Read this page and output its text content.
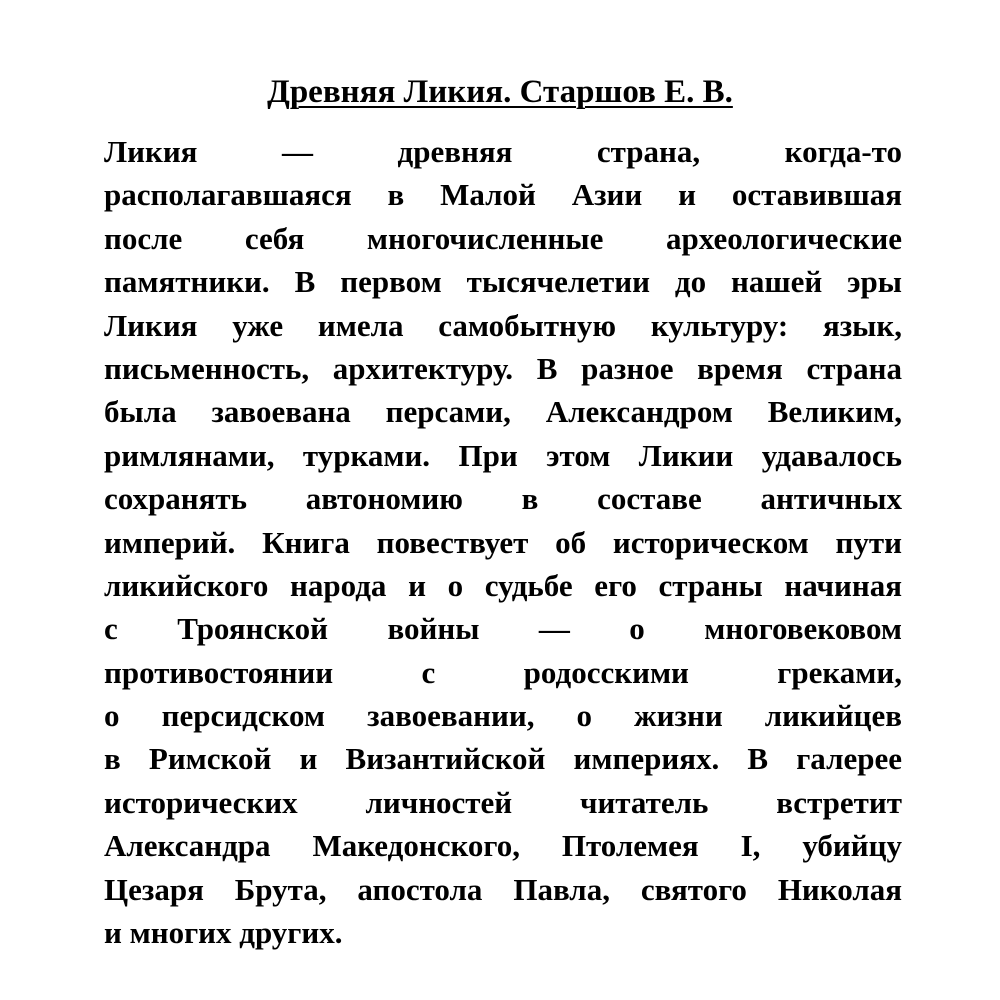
Древняя Ликия. Старшов Е. В.
Ликия — древняя страна, когда-то
располагавшаяся в Малой Азии и оставившая
после себя многочисленные археологические
памятники. В первом тысячелетии до нашей эры
Ликия уже имела самобытную культуру: язык,
письменность, архитектуру. В разное время страна
была завоевана персами, Александром Великим,
римлянами, турками. При этом Ликии удавалось
сохранять автономию в составе античных
империй. Книга повествует об историческом пути
ликийского народа и о судьбе его страны начиная
с Троянской войны — о многовековом
противостоянии с родосскими греками,
о персидском завоевании, о жизни ликийцев
в Римской и Византийской империях. В галерее
исторических личностей читатель встретит
Александра Македонского, Птолемея I, убийцу
Цезаря Брута, апостола Павла, святого Николая
и многих других.
